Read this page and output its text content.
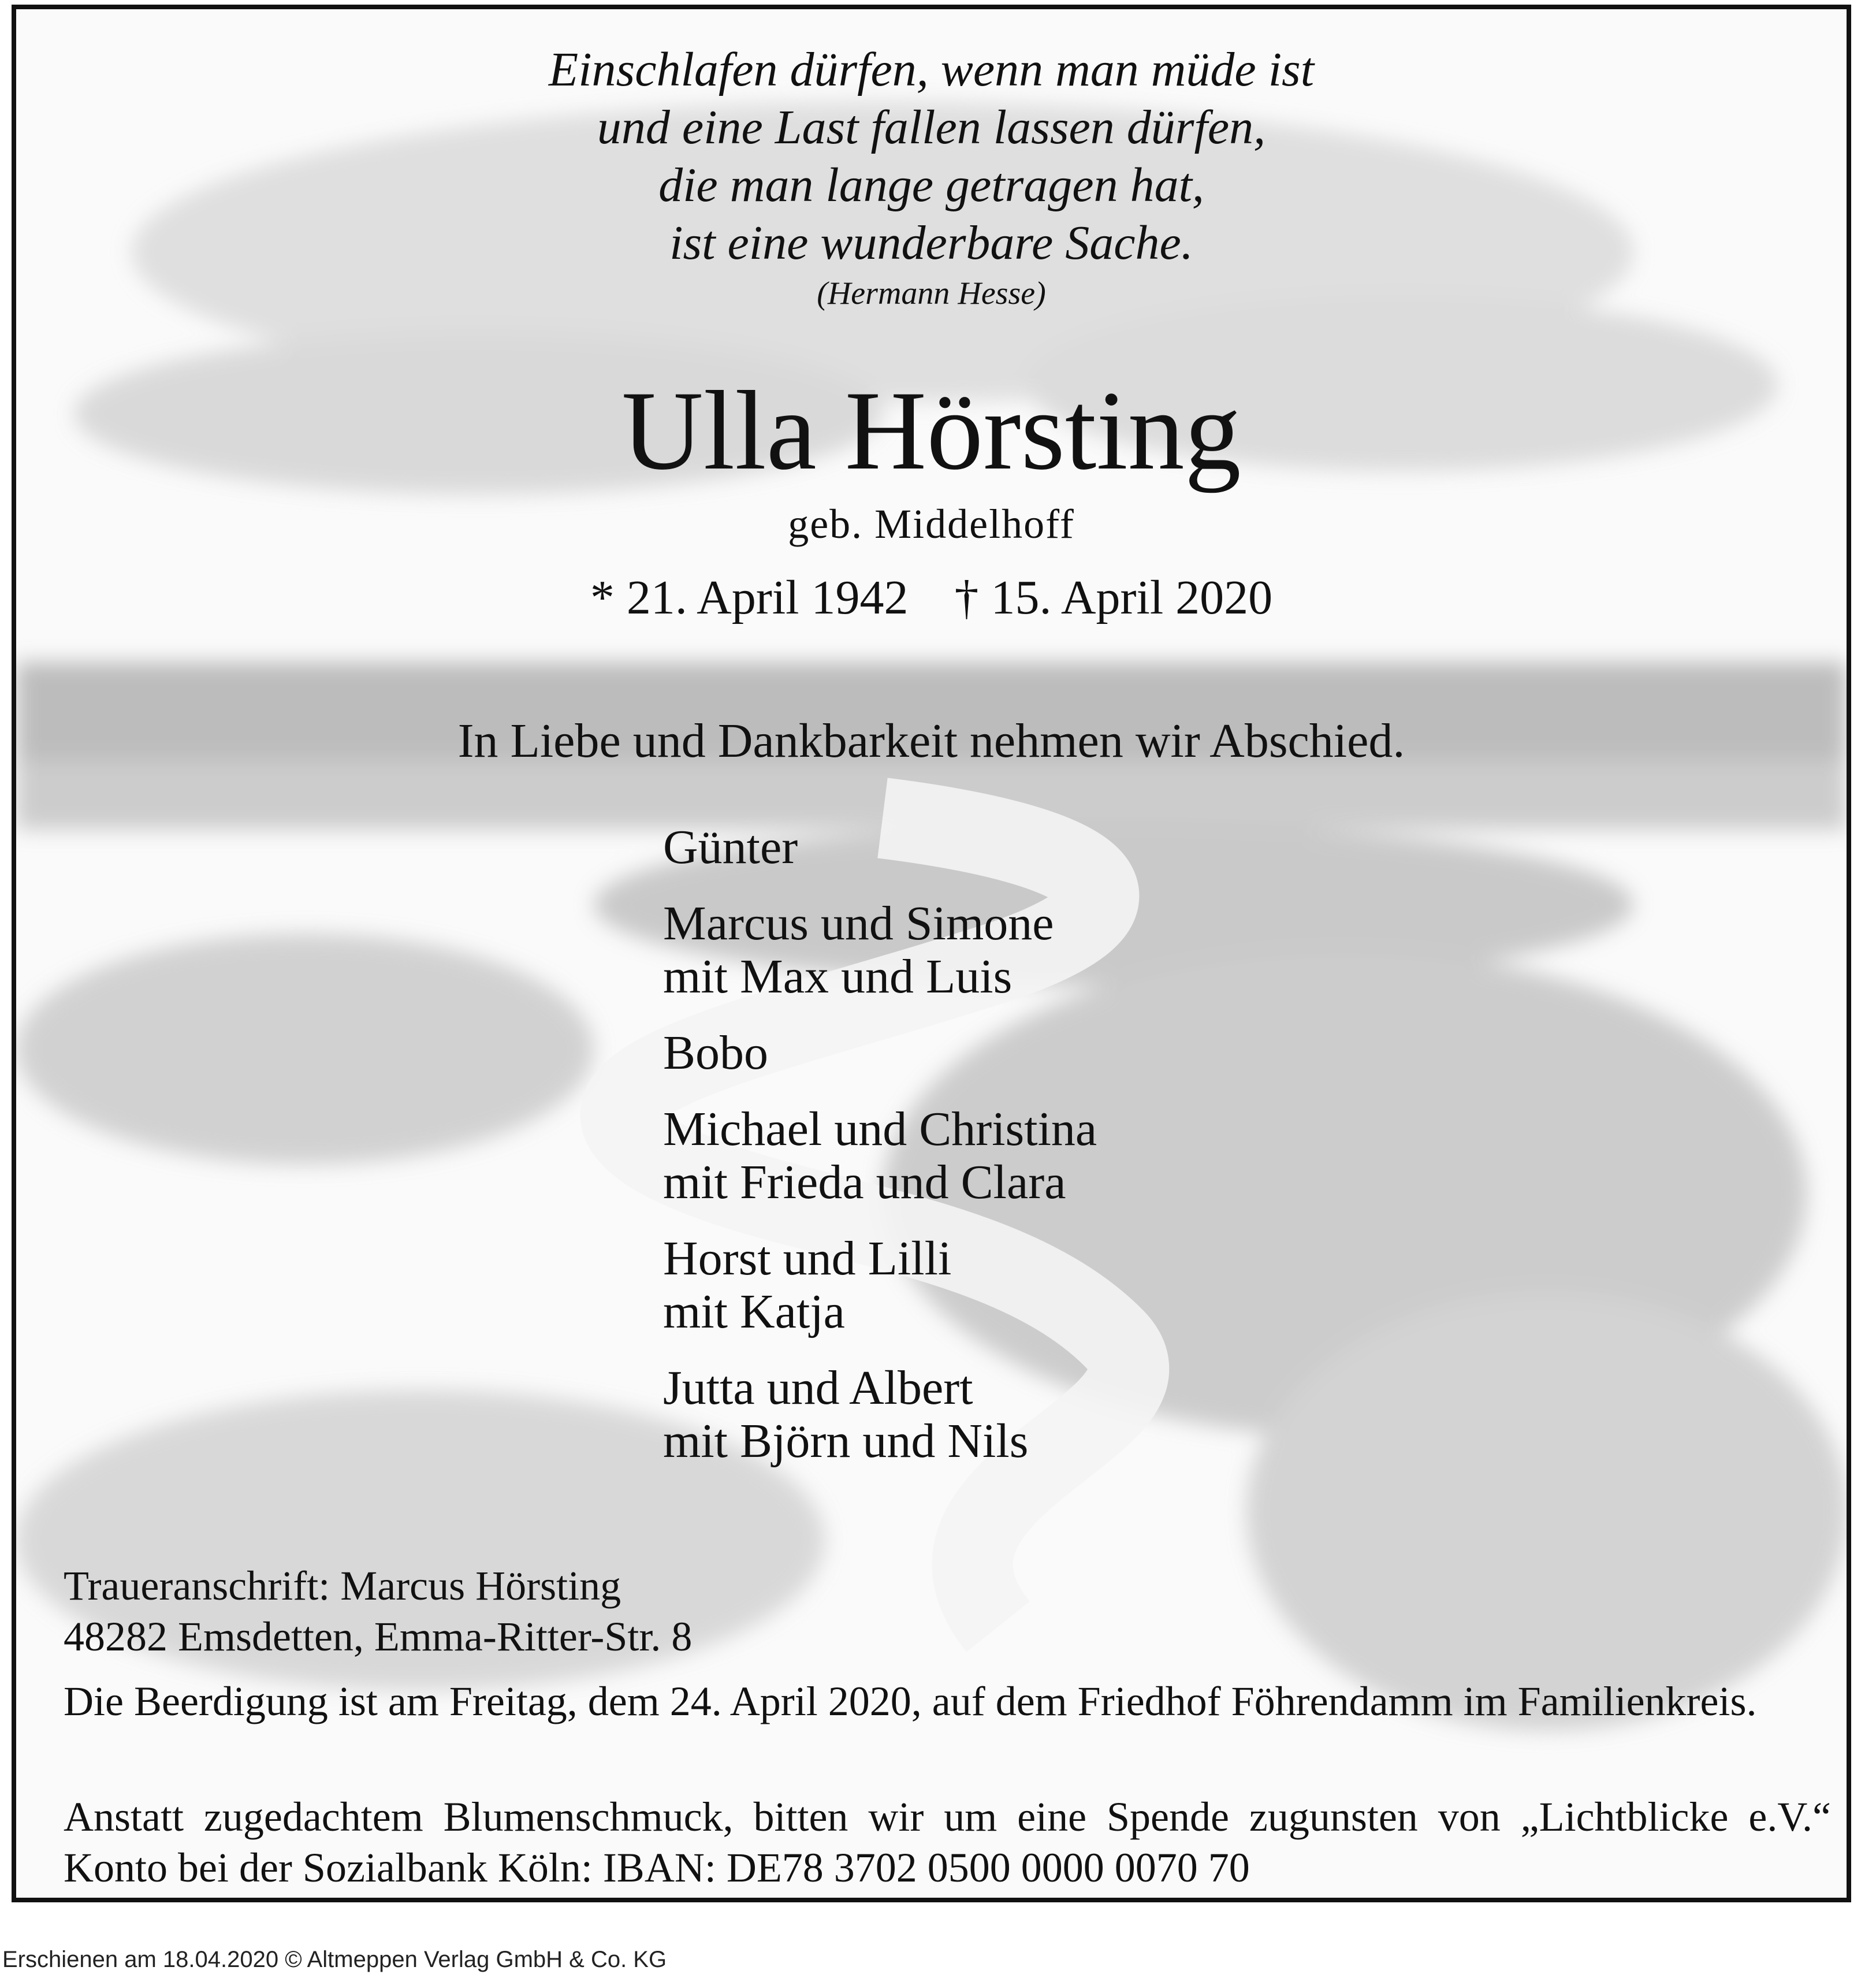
Einschlafen dürfen, wenn man müde ist
und eine Last fallen lassen dürfen,
die man lange getragen hat,
ist eine wunderbare Sache.
(Hermann Hesse)
Ulla Hörsting
geb. Middelhoff
* 21. April 1942 † 15. April 2020
In Liebe und Dankbarkeit nehmen wir Abschied.
Günter
Marcus und Simone
mit Max und Luis
Bobo
Michael und Christina
mit Frieda und Clara
Horst und Lilli
mit Katja
Jutta und Albert
mit Björn und Nils
Traueranschrift: Marcus Hörsting
48282 Emsdetten, Emma-Ritter-Str. 8
Die Beerdigung ist am Freitag, dem 24. April 2020, auf dem Friedhof Föhrendamm im Familienkreis.
Anstatt zugedachtem Blumenschmuck, bitten wir um eine Spende zugunsten von „Lichtblicke e.V.“ Konto bei der Sozialbank Köln: IBAN: DE78 3702 0500 0000 0070 70
Erschienen am 18.04.2020 © Altmeppen Verlag GmbH & Co. KG
